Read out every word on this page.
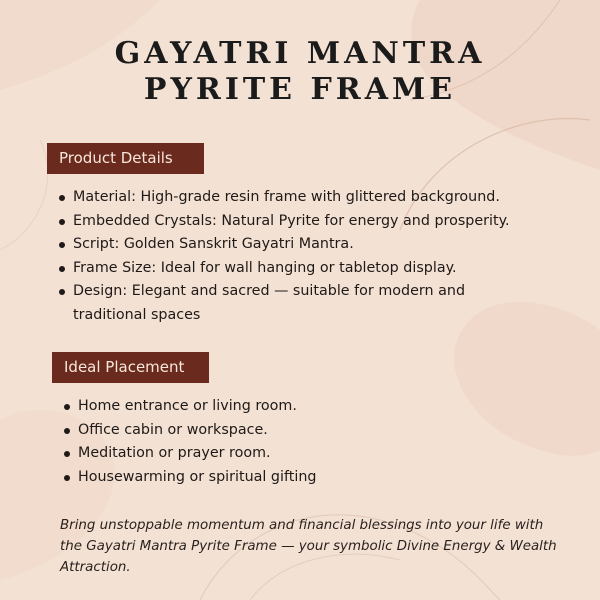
GAYATRI MANTRA
PYRITE FRAME
Product Details
Material: High-grade resin frame with glittered background.
Embedded Crystals: Natural Pyrite for energy and prosperity.
Script: Golden Sanskrit Gayatri Mantra.
Frame Size: Ideal for wall hanging or tabletop display.
Design: Elegant and sacred — suitable for modern and traditional spaces
Ideal Placement
Home entrance or living room.
Office cabin or workspace.
Meditation or prayer room.
Housewarming or spiritual gifting
Bring unstoppable momentum and financial blessings into your life with the Gayatri Mantra Pyrite Frame — your symbolic Divine Energy & Wealth Attraction.
